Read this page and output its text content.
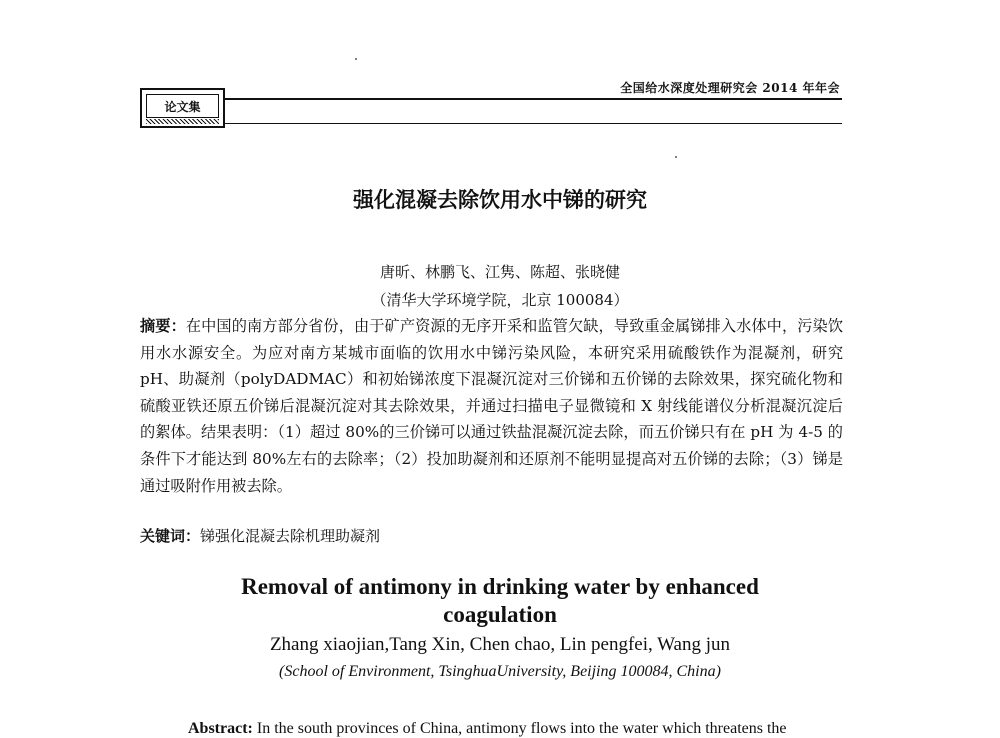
全国给水深度处理研究会 2014 年年会
论文集
强化混凝去除饮用水中锑的研究
唐昕、林鹏飞、江隽、陈超、张晓健
（清华大学环境学院，北京 100084）
摘要：在中国的南方部分省份，由于矿产资源的无序开采和监管欠缺，导致重金属锑排入水体中，污染饮用水水源安全。为应对南方某城市面临的饮用水中锑污染风险，本研究采用硫酸铁作为混凝剂，研究 pH、助凝剂（polyDADMAC）和初始锑浓度下混凝沉淀对三价锑和五价锑的去除效果，探究硫化物和硫酸亚铁还原五价锑后混凝沉淀对其去除效果，并通过扫描电子显微镜和 X 射线能谱仪分析混凝沉淀后的絮体。结果表明：（1）超过 80%的三价锑可以通过铁盐混凝沉淀去除，而五价锑只有在 pH 为 4-5 的条件下才能达到 80%左右的去除率；（2）投加助凝剂和还原剂不能明显提高对五价锑的去除；（3）锑是通过吸附作用被去除。
关键词：锑强化混凝去除机理助凝剂
Removal of antimony in drinking water by enhanced
coagulation
Zhang xiaojian,Tang Xin, Chen chao, Lin pengfei, Wang jun
(School of Environment, TsinghuaUniversity, Beijing 100084, China)
Abstract: In the south provinces of China, antimony flows into the water which threatens the
